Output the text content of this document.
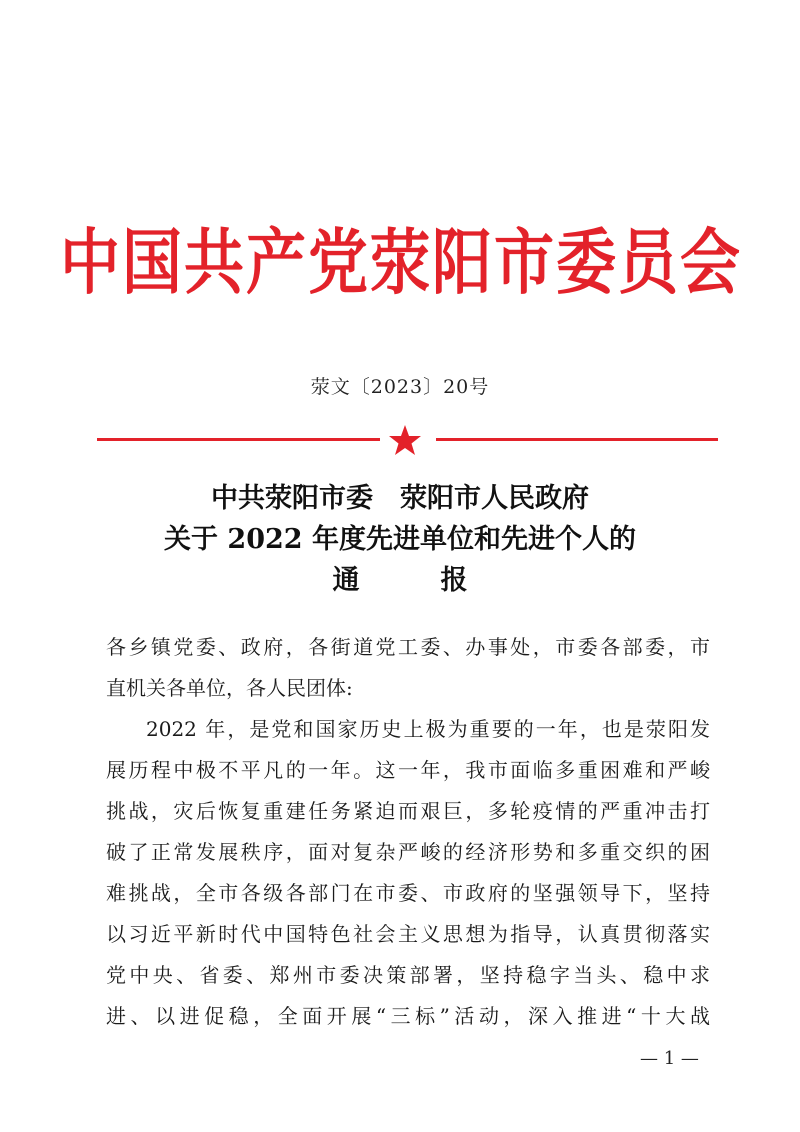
中国共产党荥阳市委员会
荥文〔2023〕20号
中共荥阳市委　荥阳市人民政府
关于 2022 年度先进单位和先进个人的
通　　　报
各乡镇党委、政府，各街道党工委、办事处，市委各部委，市
直机关各单位，各人民团体:
2022 年，是党和国家历史上极为重要的一年，也是荥阳发
展历程中极不平凡的一年。这一年，我市面临多重困难和严峻
挑战，灾后恢复重建任务紧迫而艰巨，多轮疫情的严重冲击打
破了正常发展秩序，面对复杂严峻的经济形势和多重交织的困
难挑战，全市各级各部门在市委、市政府的坚强领导下，坚持
以习近平新时代中国特色社会主义思想为指导，认真贯彻落实
党中央、省委、郑州市委决策部署，坚持稳字当头、稳中求
进、以进促稳，全面开展“三标”活动，深入推进“十大战
— 1 —
